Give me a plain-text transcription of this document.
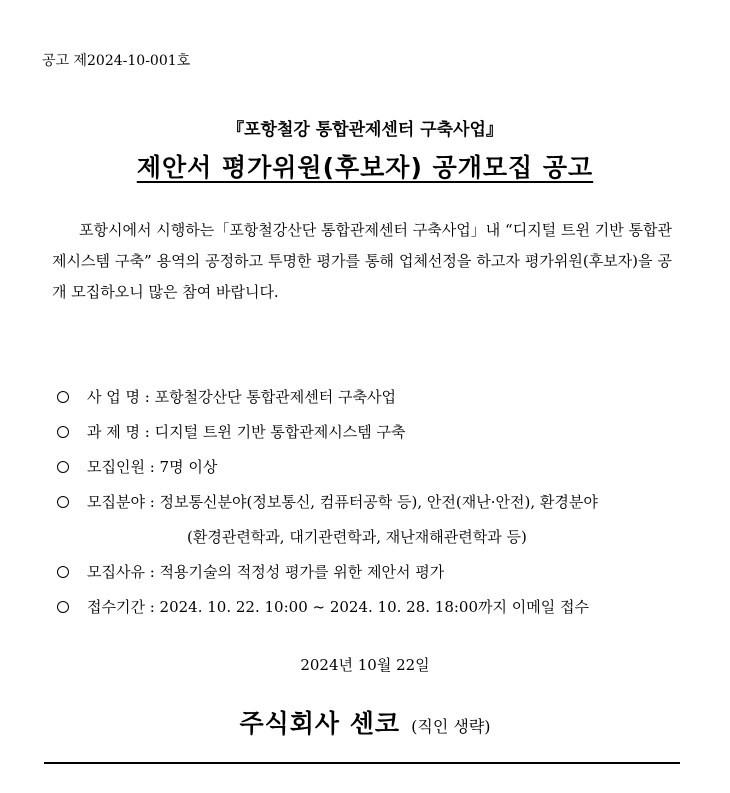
공고 제2024-10-001호
『포항철강 통합관제센터 구축사업』
제안서 평가위원(후보자) 공개모집 공고

포항시에서 시행하는「포항철강산단 통합관제센터 구축사업」내 “디지털 트윈 기반 통합관제시스템 구축” 용역의 공정하고 투명한 평가를 통해 업체선정을 하고자 평가위원(후보자)을 공개 모집하오니 많은 참여 바랍니다.

사 업 명 : 포항철강산단 통합관제센터 구축사업
과 제 명 : 디지털 트윈 기반 통합관제시스템 구축
모집인원 : 7명 이상
모집분야 : 정보통신분야(정보통신, 컴퓨터공학 등), 안전(재난·안전), 환경분야
(환경관련학과, 대기관련학과, 재난재해관련학과 등)
모집사유 : 적용기술의 적정성 평가를 위한 제안서 평가
접수기간 : 2024. 10. 22. 10:00 ~ 2024. 10. 28. 18:00까지 이메일 접수
2024년 10월 22일
주식회사 센코 (직인 생략)
